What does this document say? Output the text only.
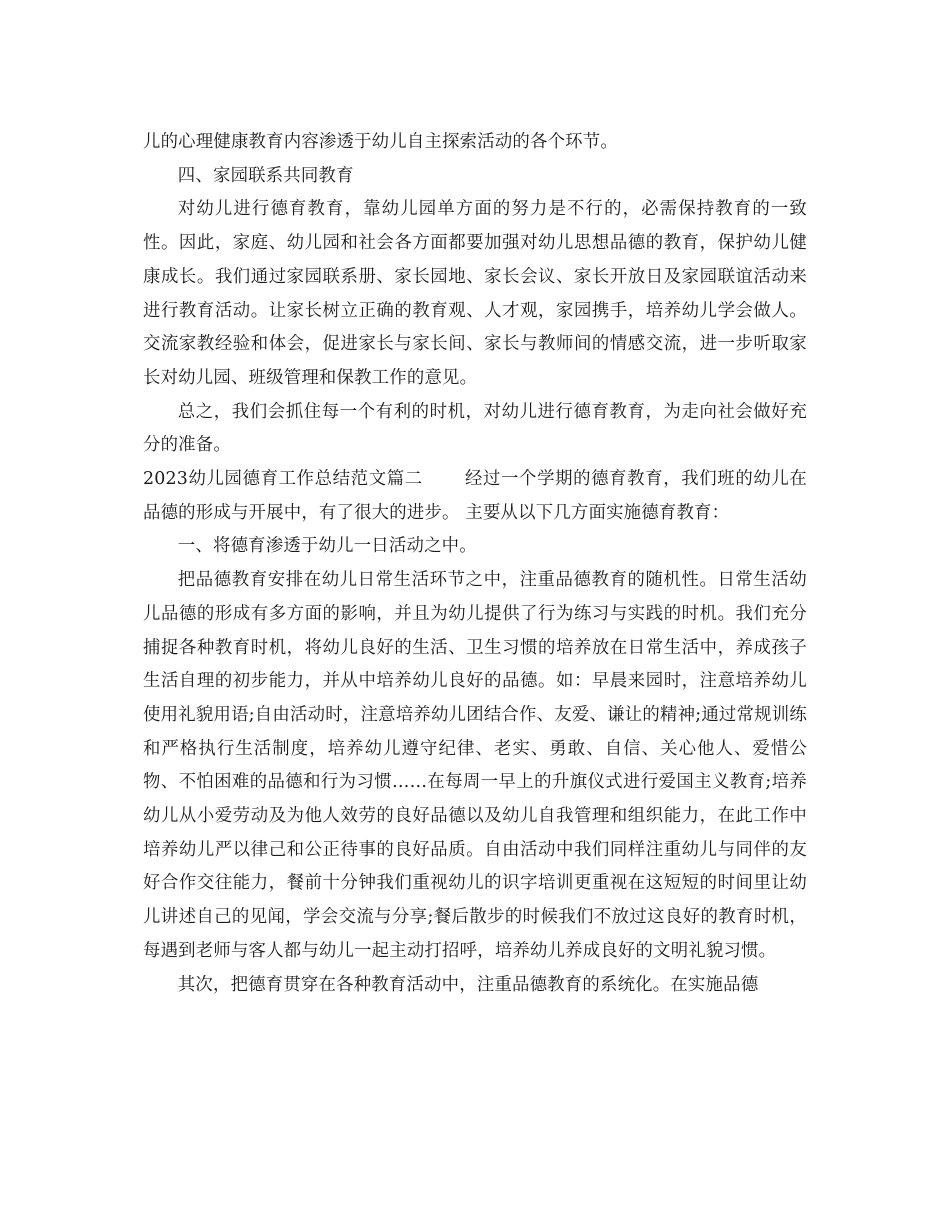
儿的心理健康教育内容渗透于幼儿自主探索活动的各个环节。

四、家园联系共同教育

对幼儿进行德育教育，靠幼儿园单方面的努力是不行的，必需保持教育的一致性。因此，家庭、幼儿园和社会各方面都要加强对幼儿思想品德的教育，保护幼儿健康成长。我们通过家园联系册、家长园地、家长会议、家长开放日及家园联谊活动来进行教育活动。让家长树立正确的教育观、人才观，家园携手，培养幼儿学会做人。交流家教经验和体会，促进家长与家长间、家长与教师间的情感交流，进一步听取家长对幼儿园、班级管理和保教工作的意见。

总之，我们会抓住每一个有利的时机，对幼儿进行德育教育，为走向社会做好充分的准备。

2023幼儿园德育工作总结范文篇二 经过一个学期的德育教育，我们班的幼儿在品德的形成与开展中，有了很大的进步。 主要从以下几方面实施德育教育：

一、将德育渗透于幼儿一日活动之中。

把品德教育安排在幼儿日常生活环节之中，注重品德教育的随机性。日常生活幼儿品德的形成有多方面的影响，并且为幼儿提供了行为练习与实践的时机。我们充分捕捉各种教育时机，将幼儿良好的生活、卫生习惯的培养放在日常生活中，养成孩子生活自理的初步能力，并从中培养幼儿良好的品德。如：早晨来园时，注意培养幼儿使用礼貌用语;自由活动时，注意培养幼儿团结合作、友爱、谦让的精神;通过常规训练和严格执行生活制度，培养幼儿遵守纪律、老实、勇敢、自信、关心他人、爱惜公物、不怕困难的品德和行为习惯……在每周一早上的升旗仪式进行爱国主义教育;培养幼儿从小爱劳动及为他人效劳的良好品德以及幼儿自我管理和组织能力，在此工作中培养幼儿严以律己和公正待事的良好品质。自由活动中我们同样注重幼儿与同伴的友好合作交往能力，餐前十分钟我们重视幼儿的识字培训更重视在这短短的时间里让幼儿讲述自己的见闻，学会交流与分享;餐后散步的时候我们不放过这良好的教育时机，每遇到老师与客人都与幼儿一起主动打招呼，培养幼儿养成良好的文明礼貌习惯。

其次，把德育贯穿在各种教育活动中，注重品德教育的系统化。在实施品德
